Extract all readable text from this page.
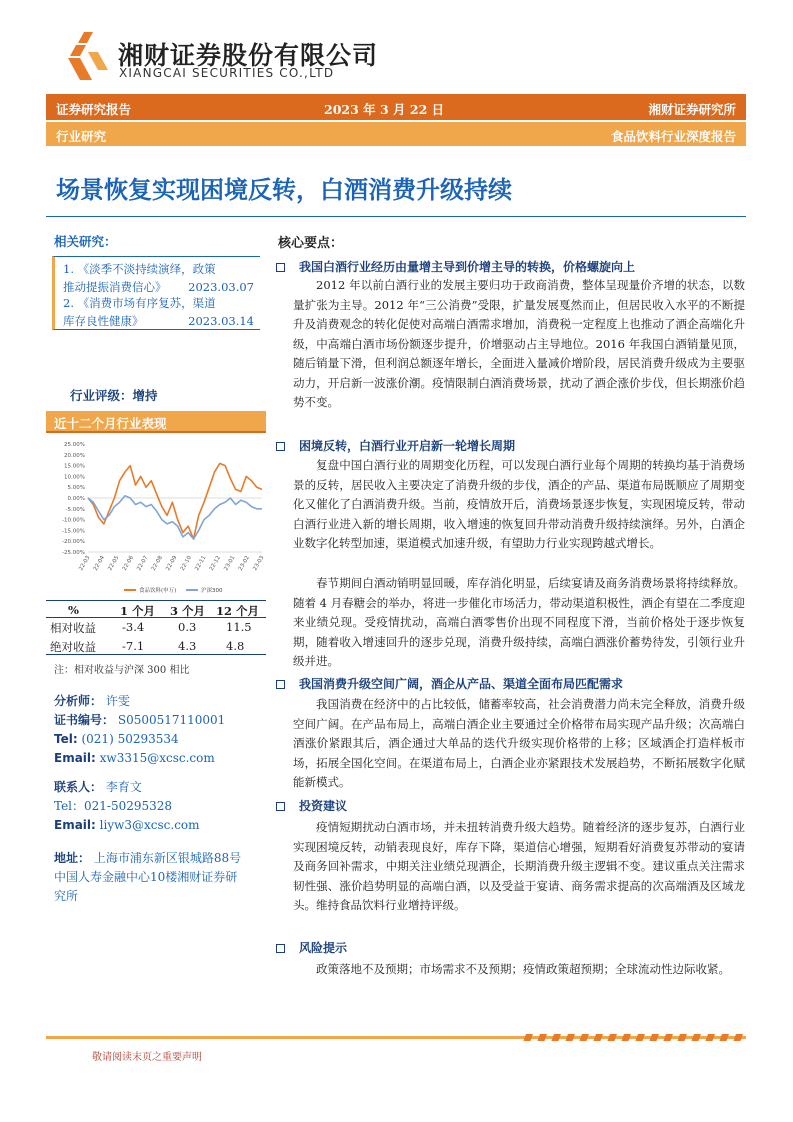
湘财证券股份有限公司
XIANGCAI SECURITIES CO.,LTD
证券研究报告	2023 年 3 月 22 日	湘财证券研究所
行业研究	食品饮料行业深度报告
场景恢复实现困境反转，白酒消费升级持续
相关研究：
1. 《淡季不淡持续演绎，政策
推动提振消费信心》 2023.03.07
2. 《消费市场有序复苏，渠道
库存良性健康》	2023.03.14
行业评级：增持
近十二个月行业表现
25.00%
20.00%
15.00%
10.00%
5.00%
0.00%
-5.00%
-10.00%
-15.00%
-20.00%
-25.00%
22-03 22-04 22-05 22-06 22-07 22-08 22-09 22-10 22-11 22-12 23-01 23-02 23-03
食品饮料(申万)	沪深300
%	1 个月 3 个月 12 个月
相对收益 -3.4	0.3	11.5
绝对收益 -7.1	4.3	4.8
注：相对收益与沪深 300 相比
分析师： 许雯
证书编号： S0500517110001
Tel: (021) 50293534
Email: xw3315@xcsc.com
联系人： 李育文
Tel：021-50295328
Email: liyw3@xcsc.com
地址： 上海市浦东新区银城路88号
中国人寿金融中心10楼湘财证券研
究所
核心要点：
我国白酒行业经历由量增主导到价增主导的转换，价格螺旋向上
2012 年以前白酒行业的发展主要归功于政商消费，整体呈现量价齐增的状态，以数量扩张为主导。2012 年“三公消费”受限，扩量发展戛然而止，但居民收入水平的不断提升及消费观念的转化促使对高端白酒需求增加，消费税一定程度上也推动了酒企高端化升级，中高端白酒市场份额逐步提升，价增驱动占主导地位。2016 年我国白酒销量见顶，随后销量下滑，但利润总额逐年增长，全面进入量减价增阶段，居民消费升级成为主要驱动力，开启新一波涨价潮。疫情限制白酒消费场景，扰动了酒企涨价步伐，但长期涨价趋势不变。
困境反转，白酒行业开启新一轮增长周期
复盘中国白酒行业的周期变化历程，可以发现白酒行业每个周期的转换均基于消费场景的反转，居民收入主要决定了消费升级的步伐，酒企的产品、渠道布局既顺应了周期变化又催化了白酒消费升级。当前，疫情放开后，消费场景逐步恢复，实现困境反转，带动白酒行业进入新的增长周期，收入增速的恢复回升带动消费升级持续演绎。另外，白酒企业数字化转型加速，渠道模式加速升级，有望助力行业实现跨越式增长。
春节期间白酒动销明显回暖，库存消化明显，后续宴请及商务消费场景将持续释放。随着 4 月春糖会的举办，将进一步催化市场活力，带动渠道积极性，酒企有望在二季度迎来业绩兑现。受疫情扰动，高端白酒零售价出现不同程度下滑，当前价格处于逐步恢复期，随着收入增速回升的逐步兑现，消费升级持续，高端白酒涨价蓄势待发，引领行业升级并进。
我国消费升级空间广阔，酒企从产品、渠道全面布局匹配需求
我国消费在经济中的占比较低，储蓄率较高，社会消费潜力尚未完全释放，消费升级空间广阔。在产品布局上，高端白酒企业主要通过全价格带布局实现产品升级；次高端白酒涨价紧跟其后，酒企通过大单品的迭代升级实现价格带的上移；区域酒企打造样板市场，拓展全国化空间。在渠道布局上，白酒企业亦紧跟技术发展趋势，不断拓展数字化赋能新模式。
投资建议
疫情短期扰动白酒市场，并未扭转消费升级大趋势。随着经济的逐步复苏，白酒行业实现困境反转，动销表现良好，库存下降，渠道信心增强，短期看好消费复苏带动的宴请及商务回补需求，中期关注业绩兑现酒企，长期消费升级主逻辑不变。建议重点关注需求韧性强、涨价趋势明显的高端白酒，以及受益于宴请、商务需求提高的次高端酒及区域龙头。维持食品饮料行业增持评级。
风险提示
政策落地不及预期；市场需求不及预期；疫情政策超预期；全球流动性边际收紧。
敬请阅读末页之重要声明
